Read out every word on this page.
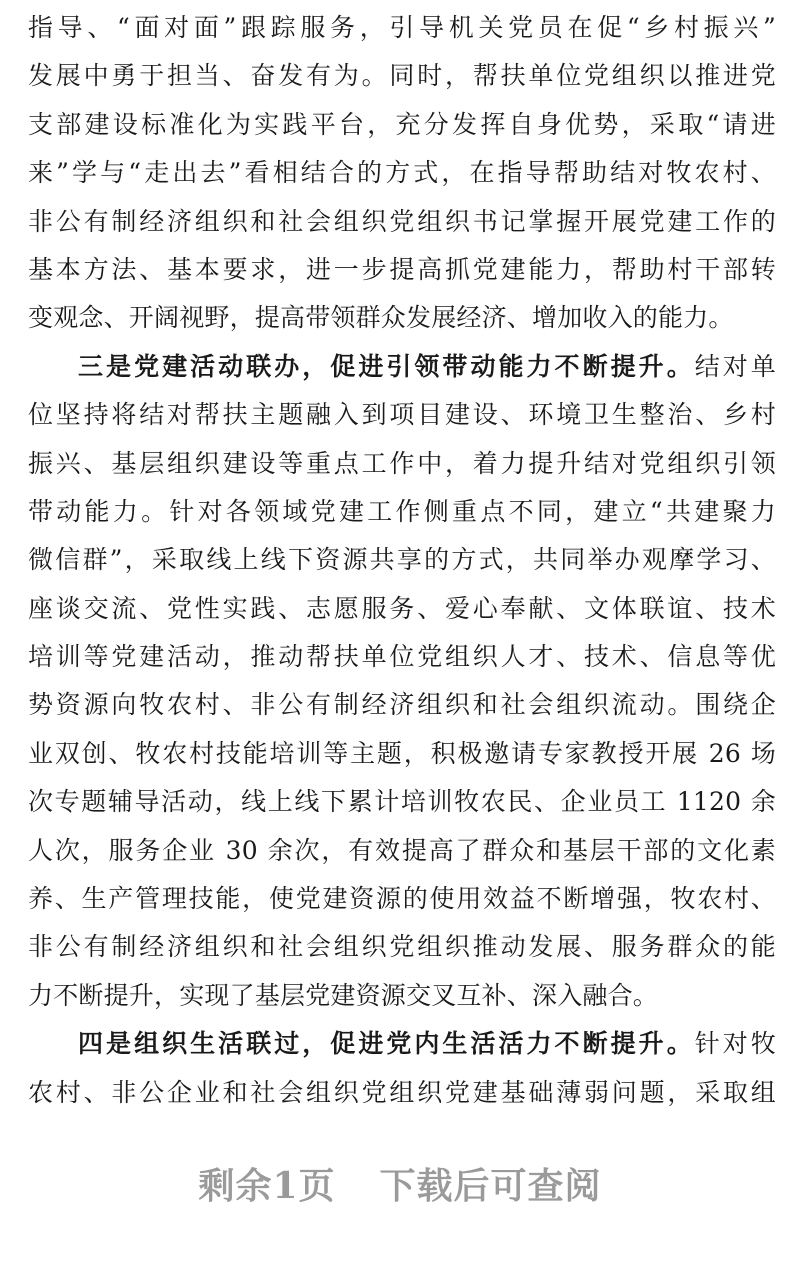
指导、“面对面”跟踪服务，引导机关党员在促“乡村振兴”
发展中勇于担当、奋发有为。同时，帮扶单位党组织以推进党
支部建设标准化为实践平台，充分发挥自身优势，采取“请进
来”学与“走出去”看相结合的方式，在指导帮助结对牧农村、
非公有制经济组织和社会组织党组织书记掌握开展党建工作的
基本方法、基本要求，进一步提高抓党建能力，帮助村干部转
变观念、开阔视野，提高带领群众发展经济、增加收入的能力。
三是党建活动联办，促进引领带动能力不断提升。结对单
位坚持将结对帮扶主题融入到项目建设、环境卫生整治、乡村
振兴、基层组织建设等重点工作中，着力提升结对党组织引领
带动能力。针对各领域党建工作侧重点不同，建立“共建聚力
微信群”，采取线上线下资源共享的方式，共同举办观摩学习、
座谈交流、党性实践、志愿服务、爱心奉献、文体联谊、技术
培训等党建活动，推动帮扶单位党组织人才、技术、信息等优
势资源向牧农村、非公有制经济组织和社会组织流动。围绕企
业双创、牧农村技能培训等主题，积极邀请专家教授开展 26 场
次专题辅导活动，线上线下累计培训牧农民、企业员工 1120 余
人次，服务企业 30 余次，有效提高了群众和基层干部的文化素
养、生产管理技能，使党建资源的使用效益不断增强，牧农村、
非公有制经济组织和社会组织党组织推动发展、服务群众的能
力不断提升，实现了基层党建资源交叉互补、深入融合。
四是组织生活联过，促进党内生活活力不断提升。针对牧
农村、非公企业和社会组织党组织党建基础薄弱问题，采取组
剩余1页 下载后可查阅
